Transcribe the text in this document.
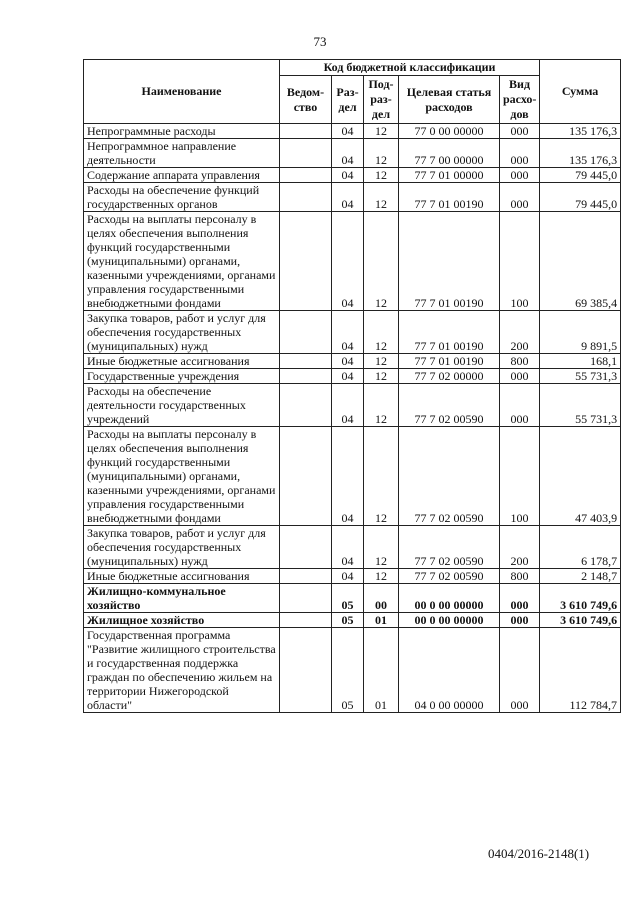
73
Наименование	Код бюджетной классификации					Сумма
	Ведом-ство	Раз-дел	Под-раз-дел	Целевая статья расходов	Вид расхо-дов	
Непрограммные расходы		04	12	77 0 00 00000	000	135 176,3
Непрограммное направление деятельности		04	12	77 7 00 00000	000	135 176,3
Содержание аппарата управления		04	12	77 7 01 00000	000	79 445,0
Расходы на обеспечение функций государственных органов		04	12	77 7 01 00190	000	79 445,0
Расходы на выплаты персоналу в целях обеспечения выполнения функций государственными (муниципальными) органами, казенными учреждениями, органами управления государственными внебюджетными фондами		04	12	77 7 01 00190	100	69 385,4
Закупка товаров, работ и услуг для обеспечения государственных (муниципальных) нужд		04	12	77 7 01 00190	200	9 891,5
Иные бюджетные ассигнования		04	12	77 7 01 00190	800	168,1
Государственные учреждения		04	12	77 7 02 00000	000	55 731,3
Расходы на обеспечение деятельности государственных учреждений		04	12	77 7 02 00590	000	55 731,3
Расходы на выплаты персоналу в целях обеспечения выполнения функций государственными (муниципальными) органами, казенными учреждениями, органами управления государственными внебюджетными фондами		04	12	77 7 02 00590	100	47 403,9
Закупка товаров, работ и услуг для обеспечения государственных (муниципальных) нужд		04	12	77 7 02 00590	200	6 178,7
Иные бюджетные ассигнования		04	12	77 7 02 00590	800	2 148,7
Жилищно-коммунальное хозяйство		05	00	00 0 00 00000	000	3 610 749,6
Жилищное хозяйство		05	01	00 0 00 00000	000	3 610 749,6
Государственная программа "Развитие жилищного строительства и государственная поддержка граждан по обеспечению жильем на территории Нижегородской области"		05	01	04 0 00 00000	000	112 784,7
0404/2016-2148(1)
